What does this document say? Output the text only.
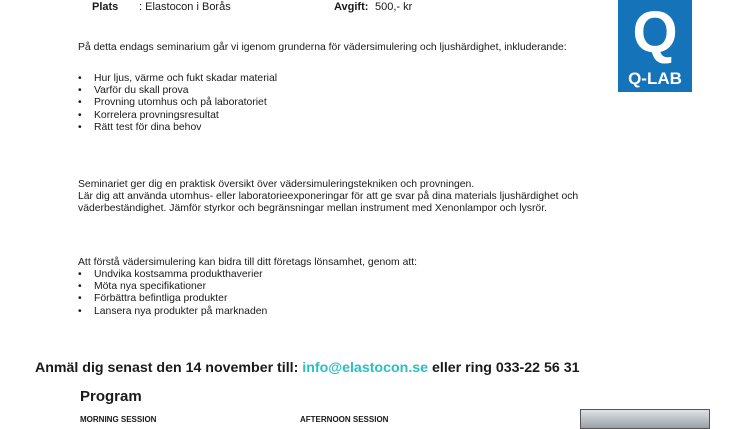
Plats : Elastocon i Borås	Avgift: 500,- kr	Q
Q-LAB

På detta endags seminarium går vi igenom grunderna för vädersimulering och ljushärdighet, inkluderande:

• Hur ljus, värme och fukt skadar material
• Varför du skall prova
• Provning utomhus och på laboratoriet
• Korrelera provningsresultat
• Rätt test för dina behov
Seminariet ger dig en praktisk översikt över vädersimuleringstekniken och provningen.
Lär dig att använda utomhus- eller laboratorieexponeringar för att ge svar på dina materials ljushärdighet och väderbeständighet. Jämför styrkor och begränsningar mellan instrument med Xenonlampor och lysrör.

Att förstå vädersimulering kan bidra till ditt företags lönsamhet, genom att:

• Undvika kostsamma produkthaverier
• Möta nya specifikationer
• Förbättra befintliga produkter
• Lansera nya produkter på marknaden
Anmäl dig senast den 14 november till: info@elastocon.se eller ring 033-22 56 31
Program
MORNING SESSION	AFTERNOON SESSION
